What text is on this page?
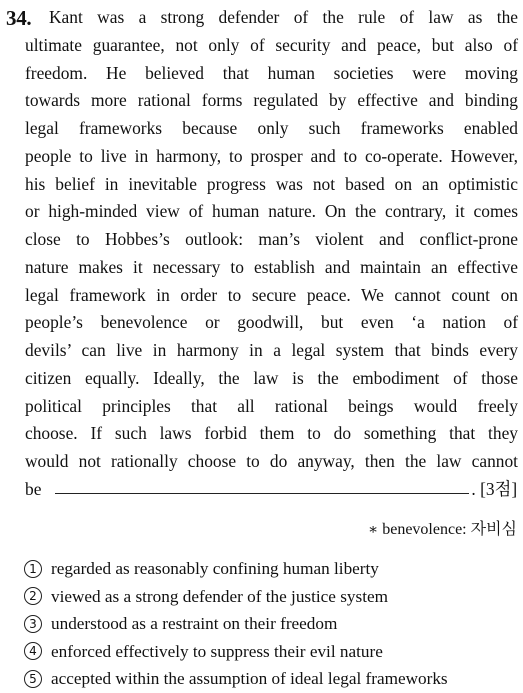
34.	Kant was a strong defender of the rule of law as the
ultimate guarantee, not only of security and peace, but also of
freedom. He believed that human societies were moving
towards more rational forms regulated by effective and binding
legal frameworks because only such frameworks enabled
people to live in harmony, to prosper and to co-operate. However,
his belief in inevitable progress was not based on an optimistic
or high-minded view of human nature. On the contrary, it comes
close to Hobbes’s outlook: man’s violent and conflict-prone
nature makes it necessary to establish and maintain an effective
legal framework in order to secure peace. We cannot count on
people’s benevolence or goodwill, but even ‘a nation of
devils’ can live in harmony in a legal system that binds every
citizen equally. Ideally, the law is the embodiment of those
political principles that all rational beings would freely
choose. If such laws forbid them to do something that they
would not rationally choose to do anyway, then the law cannot
be	. [3점]
∗ benevolence: 자비심
1 regarded as reasonably confining human liberty
2 viewed as a strong defender of the justice system
3 understood as a restraint on their freedom
4 enforced effectively to suppress their evil nature
5 accepted within the assumption of ideal legal frameworks
